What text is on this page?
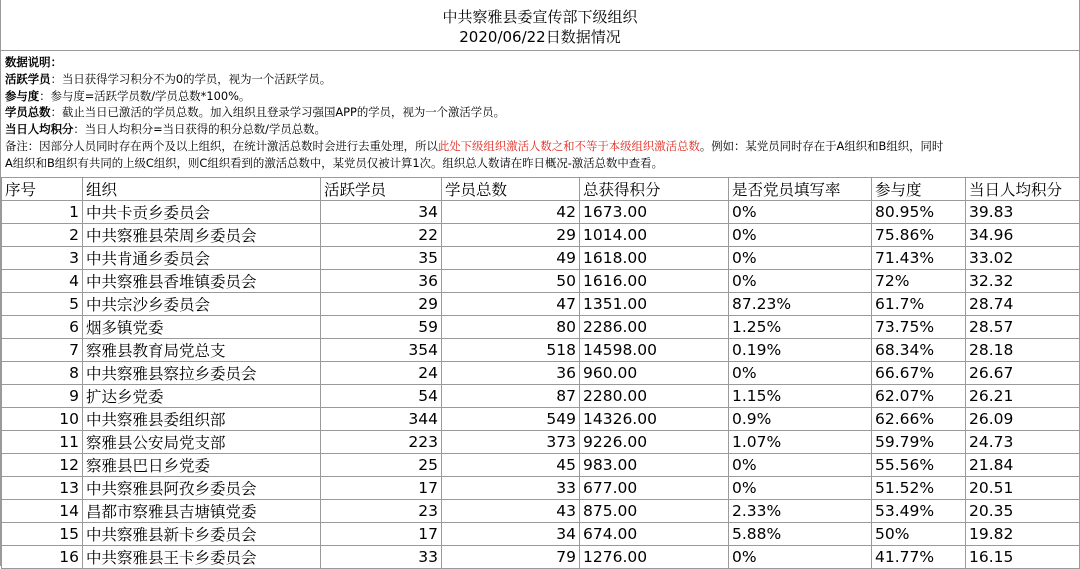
中共察雅县委宣传部下级组织
2020/06/22日数据情况
数据说明：
活跃学员：当日获得学习积分不为0的学员，视为一个活跃学员。
参与度：参与度=活跃学员数/学员总数*100%。
学员总数：截止当日已激活的学员总数。加入组织且登录学习强国APP的学员，视为一个激活学员。
当日人均积分：当日人均积分=当日获得的积分总数/学员总数。
备注：因部分人员同时存在两个及以上组织，在统计激活总数时会进行去重处理，所以此处下级组织激活人数之和不等于本级组织激活总数。例如：某党员同时存在于A组织和B组织，同时
A组织和B组织有共同的上级C组织，则C组织看到的激活总数中，某党员仅被计算1次。组织总人数请在昨日概况-激活总数中查看。
序号	组织	活跃学员	学员总数	总获得积分	是否党员填写率	参与度	当日人均积分
1	中共卡贡乡委员会	34	42	1673.00	0%	80.95%	39.83
2	中共察雅县荣周乡委员会	22	29	1014.00	0%	75.86%	34.96
3	中共肯通乡委员会	35	49	1618.00	0%	71.43%	33.02
4	中共察雅县香堆镇委员会	36	50	1616.00	0%	72%	32.32
5	中共宗沙乡委员会	29	47	1351.00	87.23%	61.7%	28.74
6	烟多镇党委	59	80	2286.00	1.25%	73.75%	28.57
7	察雅县教育局党总支	354	518	14598.00	0.19%	68.34%	28.18
8	中共察雅县察拉乡委员会	24	36	960.00	0%	66.67%	26.67
9	扩达乡党委	54	87	2280.00	1.15%	62.07%	26.21
10	中共察雅县委组织部	344	549	14326.00	0.9%	62.66%	26.09
11	察雅县公安局党支部	223	373	9226.00	1.07%	59.79%	24.73
12	察雅县巴日乡党委	25	45	983.00	0%	55.56%	21.84
13	中共察雅县阿孜乡委员会	17	33	677.00	0%	51.52%	20.51
14	昌都市察雅县吉塘镇党委	23	43	875.00	2.33%	53.49%	20.35
15	中共察雅县新卡乡委员会	17	34	674.00	5.88%	50%	19.82
16	中共察雅县王卡乡委员会	33	79	1276.00	0%	41.77%	16.15
